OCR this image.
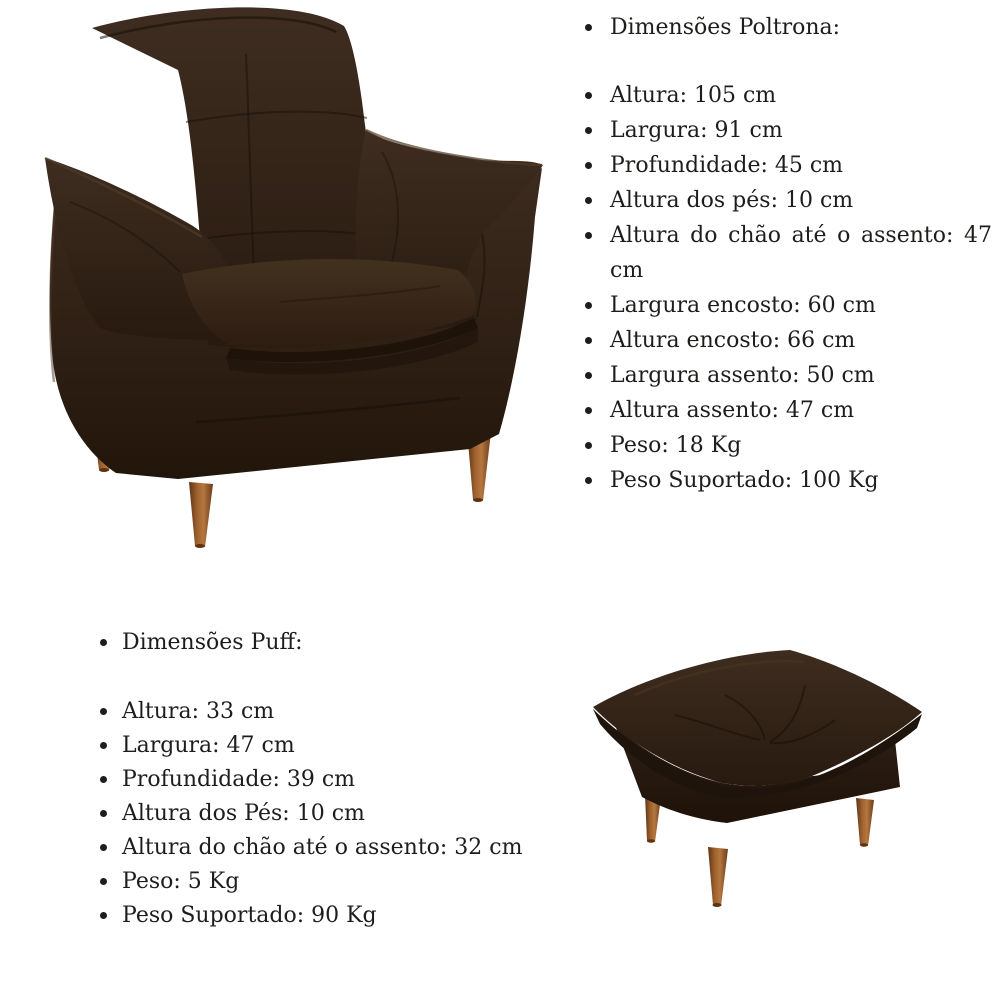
Dimensões Poltrona:
Altura: 105 cm
Largura: 91 cm
Profundidade: 45 cm
Altura dos pés: 10 cm
Altura do chão até o assento: 47 cm
Largura encosto: 60 cm
Altura encosto: 66 cm
Largura assento: 50 cm
Altura assento: 47 cm
Peso: 18 Kg
Peso Suportado: 100 Kg
Dimensões Puff:
Altura: 33 cm
Largura: 47 cm
Profundidade: 39 cm
Altura dos Pés: 10 cm
Altura do chão até o assento: 32 cm
Peso: 5 Kg
Peso Suportado: 90 Kg
